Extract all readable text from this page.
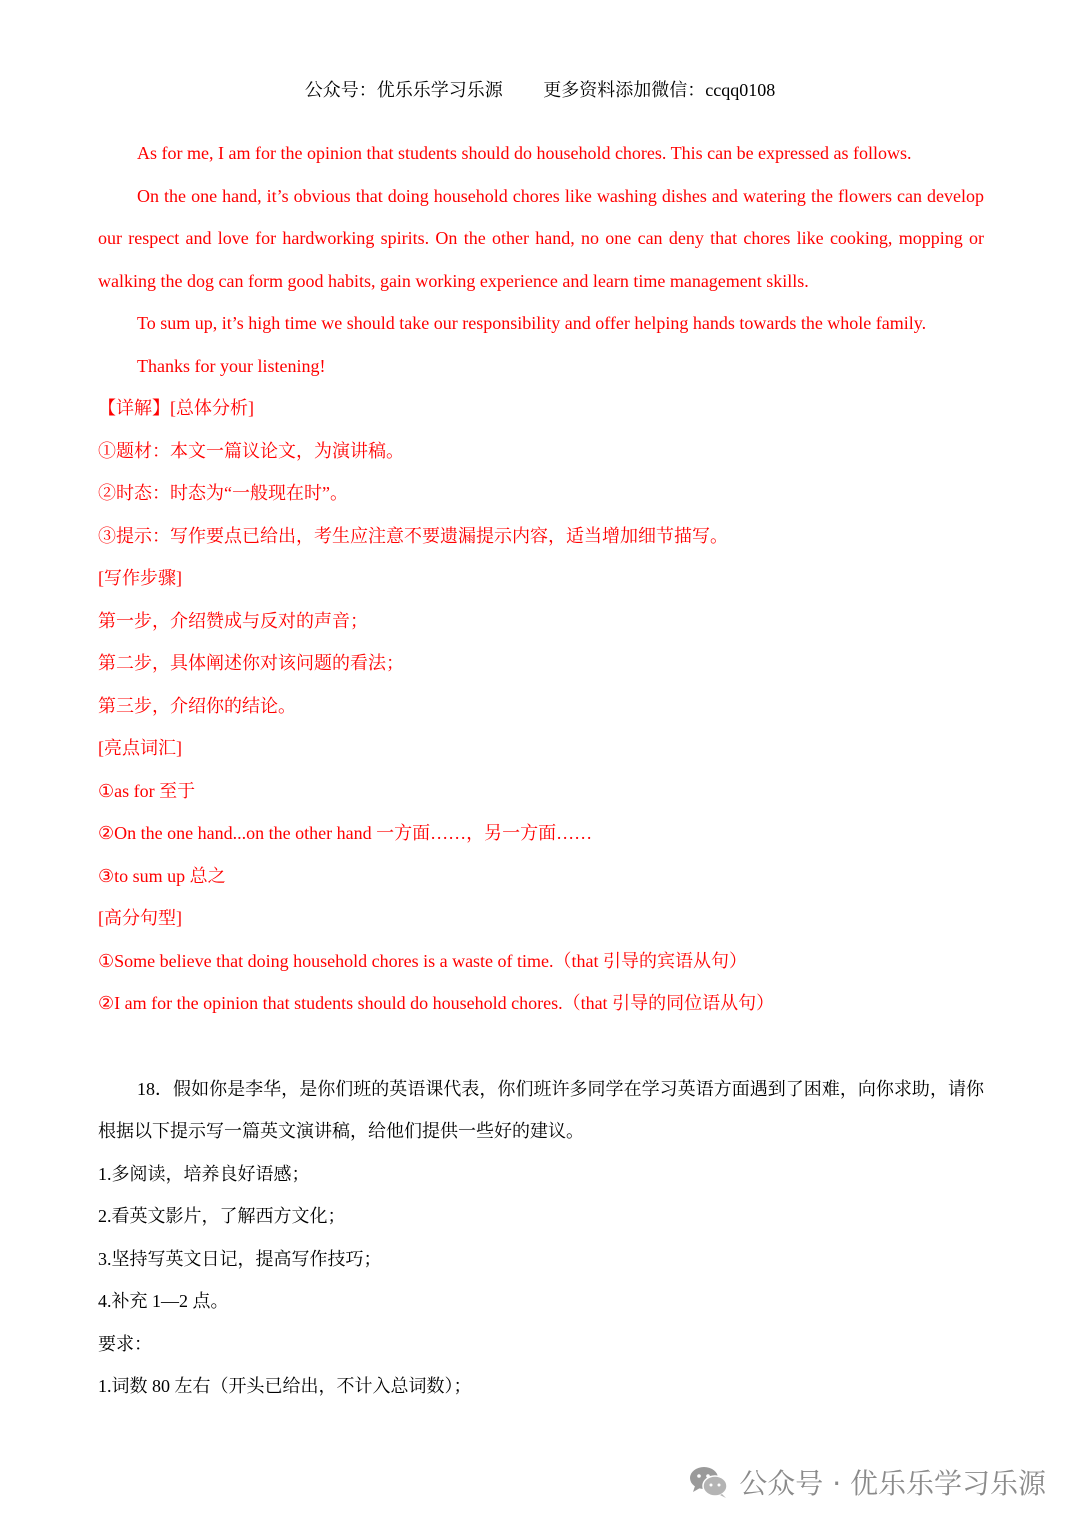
公众号：优乐乐学习乐源 更多资料添加微信：ccqq0108

As for me, I am for the opinion that students should do household chores. This can be expressed as follows.

On the one hand, it’s obvious that doing household chores like washing dishes and watering the flowers can develop our respect and love for hardworking spirits. On the other hand, no one can deny that chores like cooking, mopping or walking the dog can form good habits, gain working experience and learn time management skills.

To sum up, it’s high time we should take our responsibility and offer helping hands towards the whole family.

Thanks for your listening!

【详解】[总体分析]

①题材：本文一篇议论文，为演讲稿。

②时态：时态为“一般现在时”。

③提示：写作要点已给出，考生应注意不要遗漏提示内容，适当增加细节描写。

[写作步骤]

第一步，介绍赞成与反对的声音；

第二步，具体阐述你对该问题的看法；

第三步，介绍你的结论。

[亮点词汇]

①as for 至于

②On the one hand...on the other hand 一方面……，另一方面……

③to sum up 总之

[高分句型]

①Some believe that doing household chores is a waste of time.（that 引导的宾语从句）

②I am for the opinion that students should do household chores.（that 引导的同位语从句）

18．假如你是李华，是你们班的英语课代表，你们班许多同学在学习英语方面遇到了困难，向你求助，请你根据以下提示写一篇英文演讲稿，给他们提供一些好的建议。

1.多阅读，培养良好语感；

2.看英文影片，了解西方文化；

3.坚持写英文日记，提高写作技巧；

4.补充 1—2 点。

要求：

1.词数 80 左右（开头已给出，不计入总词数）；

公众号 · 优乐乐学习乐源
